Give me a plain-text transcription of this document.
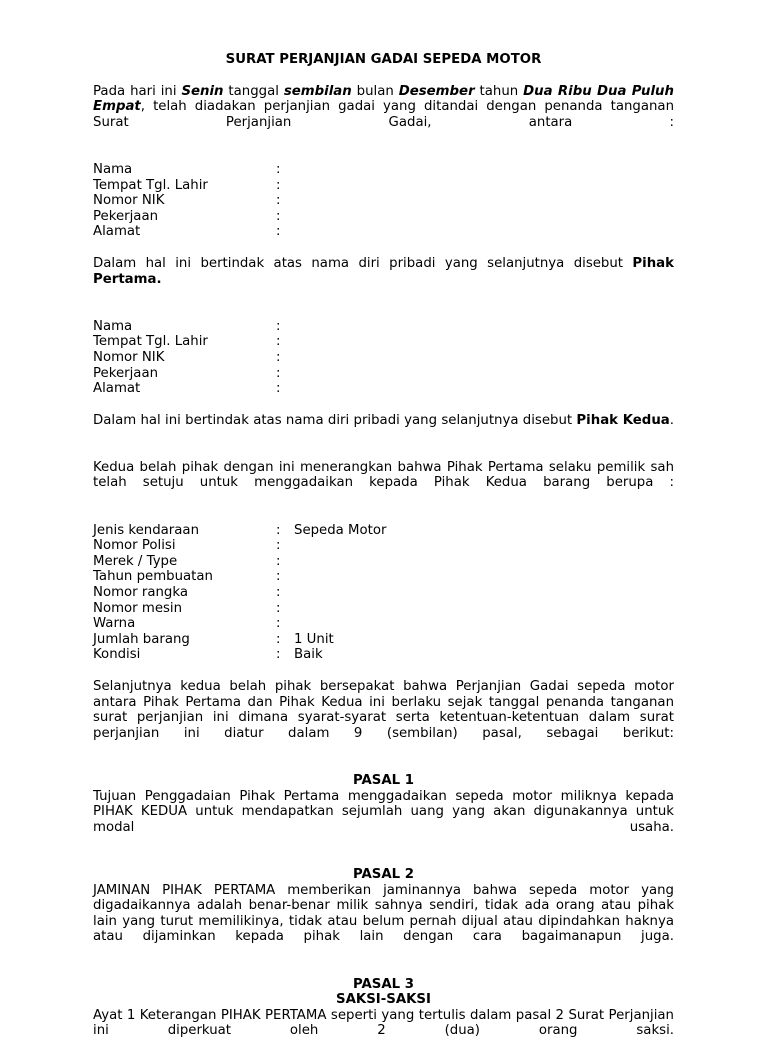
SURAT PERJANJIAN GADAI SEPEDA MOTOR

Pada hari ini Senin tanggal sembilan bulan Desember tahun Dua Ribu Dua Puluh Empat, telah diadakan perjanjian gadai yang ditandai dengan penanda tanganan Surat Perjanjian Gadai, antara :

Nama	:
Tempat Tgl. Lahir	:
Nomor NIK	:
Pekerjaan	:
Alamat	:

Dalam hal ini bertindak atas nama diri pribadi yang selanjutnya disebut Pihak Pertama.

Nama	:
Tempat Tgl. Lahir	:
Nomor NIK	:
Pekerjaan	:
Alamat	:

Dalam hal ini bertindak atas nama diri pribadi yang selanjutnya disebut Pihak Kedua.

Kedua belah pihak dengan ini menerangkan bahwa Pihak Pertama selaku pemilik sah telah setuju untuk menggadaikan kepada Pihak Kedua barang berupa :

Jenis kendaraan	:	Sepeda Motor
Nomor Polisi	:
Merek / Type	:
Tahun pembuatan	:
Nomor rangka	:
Nomor mesin	:
Warna	:
Jumlah barang	:	1 Unit
Kondisi	:	Baik

Selanjutnya kedua belah pihak bersepakat bahwa Perjanjian Gadai sepeda motor antara Pihak Pertama dan Pihak Kedua ini berlaku sejak tanggal penanda tanganan surat perjanjian ini dimana syarat-syarat serta ketentuan-ketentuan dalam surat perjanjian ini diatur dalam 9 (sembilan) pasal, sebagai berikut:

PASAL 1

Tujuan Penggadaian Pihak Pertama menggadaikan sepeda motor miliknya kepada PIHAK KEDUA untuk mendapatkan sejumlah uang yang akan digunakannya untuk modal usaha.

PASAL 2

JAMINAN PIHAK PERTAMA memberikan jaminannya bahwa sepeda motor yang digadaikannya adalah benar-benar milik sahnya sendiri, tidak ada orang atau pihak lain yang turut memilikinya, tidak atau belum pernah dijual atau dipindahkan haknya atau dijaminkan kepada pihak lain dengan cara bagaimanapun juga.

PASAL 3

SAKSI-SAKSI

Ayat 1 Keterangan PIHAK PERTAMA seperti yang tertulis dalam pasal 2 Surat Perjanjian ini diperkuat oleh 2 (dua) orang saksi.
